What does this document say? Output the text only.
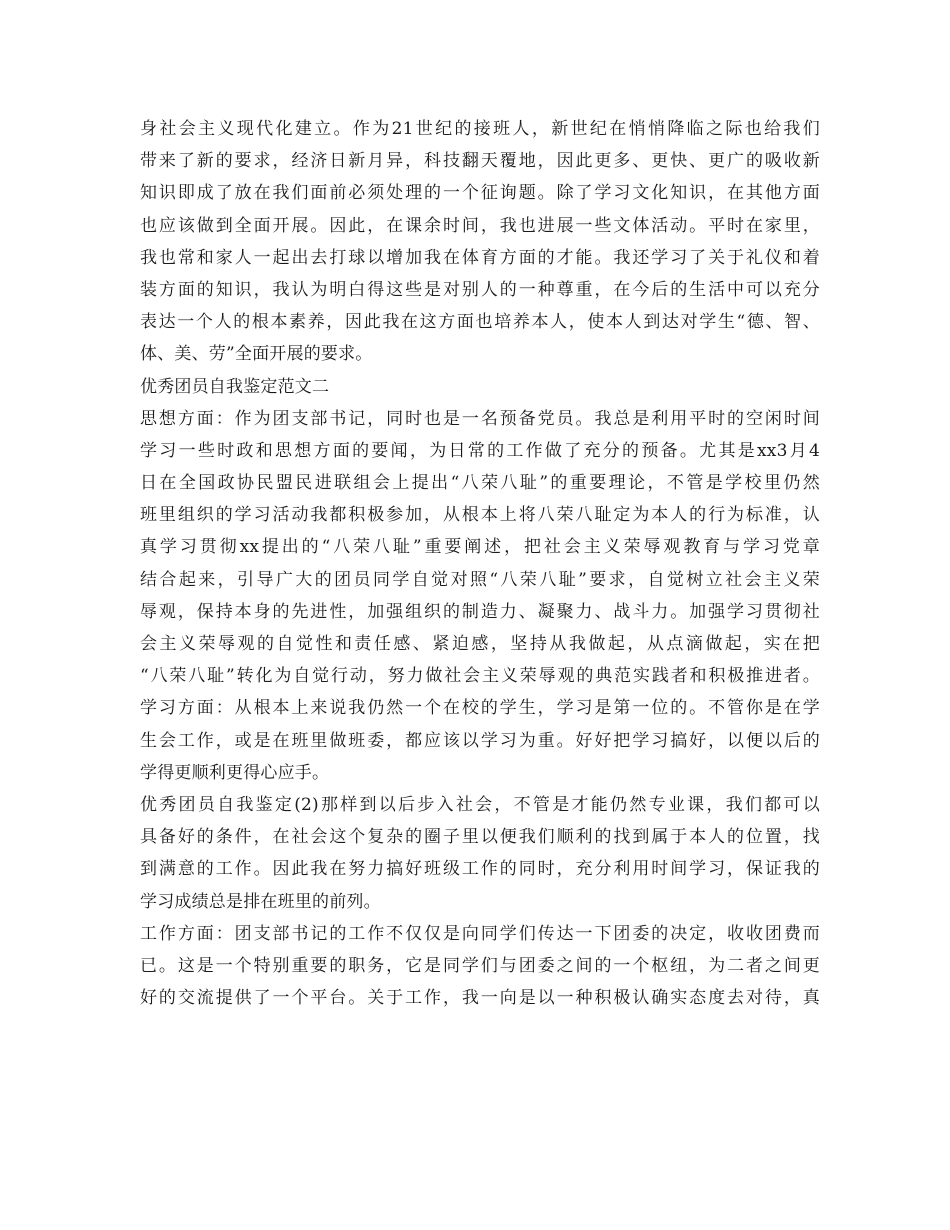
身社会主义现代化建立。作为21世纪的接班人，新世纪在悄悄降临之际也给我们
带来了新的要求，经济日新月异，科技翻天覆地，因此更多、更快、更广的吸收新
知识即成了放在我们面前必须处理的一个征询题。除了学习文化知识，在其他方面
也应该做到全面开展。因此，在课余时间，我也进展一些文体活动。平时在家里，
我也常和家人一起出去打球以增加我在体育方面的才能。我还学习了关于礼仪和着
装方面的知识，我认为明白得这些是对别人的一种尊重，在今后的生活中可以充分
表达一个人的根本素养，因此我在这方面也培养本人，使本人到达对学生“德、智、
体、美、劳”全面开展的要求。
优秀团员自我鉴定范文二
思想方面：作为团支部书记，同时也是一名预备党员。我总是利用平时的空闲时间
学习一些时政和思想方面的要闻，为日常的工作做了充分的预备。尤其是xx3月4
日在全国政协民盟民进联组会上提出“八荣八耻”的重要理论，不管是学校里仍然
班里组织的学习活动我都积极参加，从根本上将八荣八耻定为本人的行为标准，认
真学习贯彻xx提出的“八荣八耻”重要阐述，把社会主义荣辱观教育与学习党章
结合起来，引导广大的团员同学自觉对照“八荣八耻”要求，自觉树立社会主义荣
辱观，保持本身的先进性，加强组织的制造力、凝聚力、战斗力。加强学习贯彻社
会主义荣辱观的自觉性和责任感、紧迫感，坚持从我做起，从点滴做起，实在把
“八荣八耻”转化为自觉行动，努力做社会主义荣辱观的典范实践者和积极推进者。
学习方面：从根本上来说我仍然一个在校的学生，学习是第一位的。不管你是在学
生会工作，或是在班里做班委，都应该以学习为重。好好把学习搞好，以便以后的
学得更顺利更得心应手。
优秀团员自我鉴定(2)那样到以后步入社会，不管是才能仍然专业课，我们都可以
具备好的条件，在社会这个复杂的圈子里以便我们顺利的找到属于本人的位置，找
到满意的工作。因此我在努力搞好班级工作的同时，充分利用时间学习，保证我的
学习成绩总是排在班里的前列。
工作方面：团支部书记的工作不仅仅是向同学们传达一下团委的决定，收收团费而
已。这是一个特别重要的职务，它是同学们与团委之间的一个枢纽，为二者之间更
好的交流提供了一个平台。关于工作，我一向是以一种积极认确实态度去对待，真
